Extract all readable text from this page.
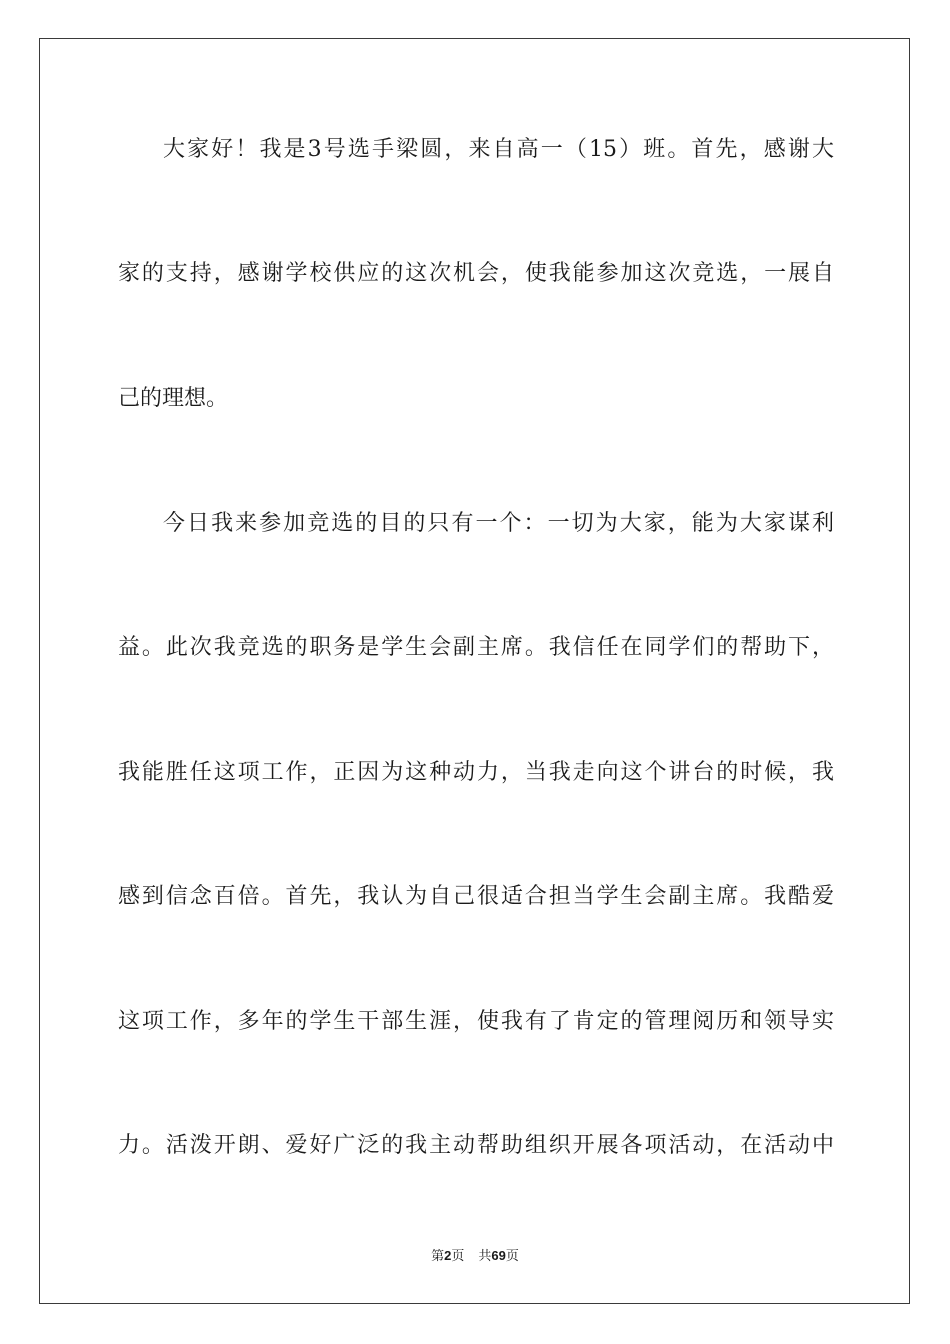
大家好！我是3号选手梁圆，来自高一（15）班。首先，感谢大
家的支持，感谢学校供应的这次机会，使我能参加这次竞选，一展自
己的理想。
今日我来参加竞选的目的只有一个：一切为大家，能为大家谋利
益。此次我竞选的职务是学生会副主席。我信任在同学们的帮助下，
我能胜任这项工作，正因为这种动力，当我走向这个讲台的时候，我
感到信念百倍。首先，我认为自己很适合担当学生会副主席。我酷爱
这项工作，多年的学生干部生涯，使我有了肯定的管理阅历和领导实
力。活泼开朗、爱好广泛的我主动帮助组织开展各项活动，在活动中
第2页 共69页
